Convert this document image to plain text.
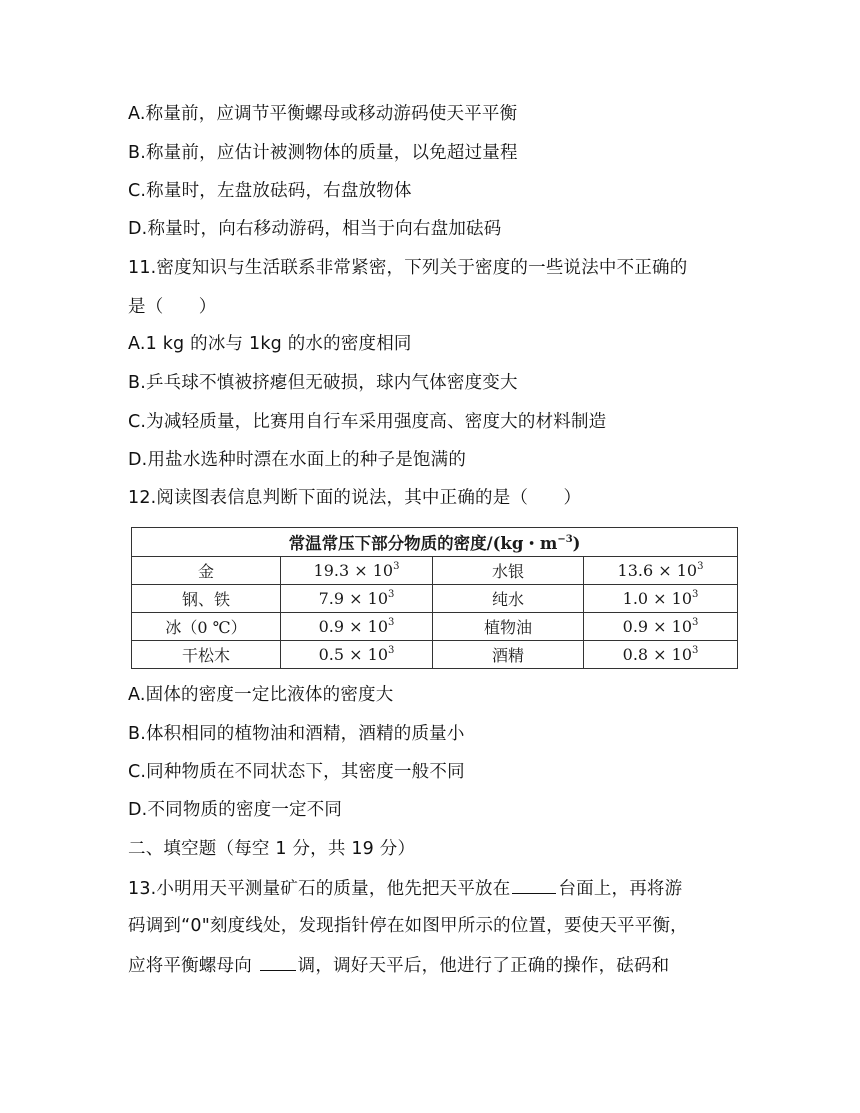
A.称量前，应调节平衡螺母或移动游码使天平平衡
B.称量前，应估计被测物体的质量，以免超过量程
C.称量时，左盘放砝码，右盘放物体
D.称量时，向右移动游码，相当于向右盘加砝码
11.密度知识与生活联系非常紧密，下列关于密度的一些说法中不正确的
是（　　）
A.1 kg 的冰与 1kg 的水的密度相同
B.乒乓球不慎被挤瘪但无破损，球内气体密度变大
C.为减轻质量，比赛用自行车采用强度高、密度大的材料制造
D.用盐水选种时漂在水面上的种子是饱满的
12.阅读图表信息判断下面的说法，其中正确的是（　　）
常温常压下部分物质的密度/(kg・$m^{-3}$)			
金	$19.3 \times 10^3$	水银	$13.6 \times 10^3$
钢、铁	$7.9 \times 10^3$	纯水	$1.0 \times 10^3$
冰（0 ℃）	$0.9 \times 10^3$	植物油	$0.9 \times 10^3$
干松木	$0.5 \times 10^3$	酒精	$0.8 \times 10^3$
A.固体的密度一定比液体的密度大
B.体积相同的植物油和酒精，酒精的质量小
C.同种物质在不同状态下，其密度一般不同
D.不同物质的密度一定不同
二、填空题（每空 1 分，共 19 分）
13.小明用天平测量矿石的质量，他先把天平放在	台面上，再将游
码调到“0"刻度线处，发现指针停在如图甲所示的位置，要使天平平衡，
应将平衡螺母向 调，调好天平后，他进行了正确的操作，砝码和
